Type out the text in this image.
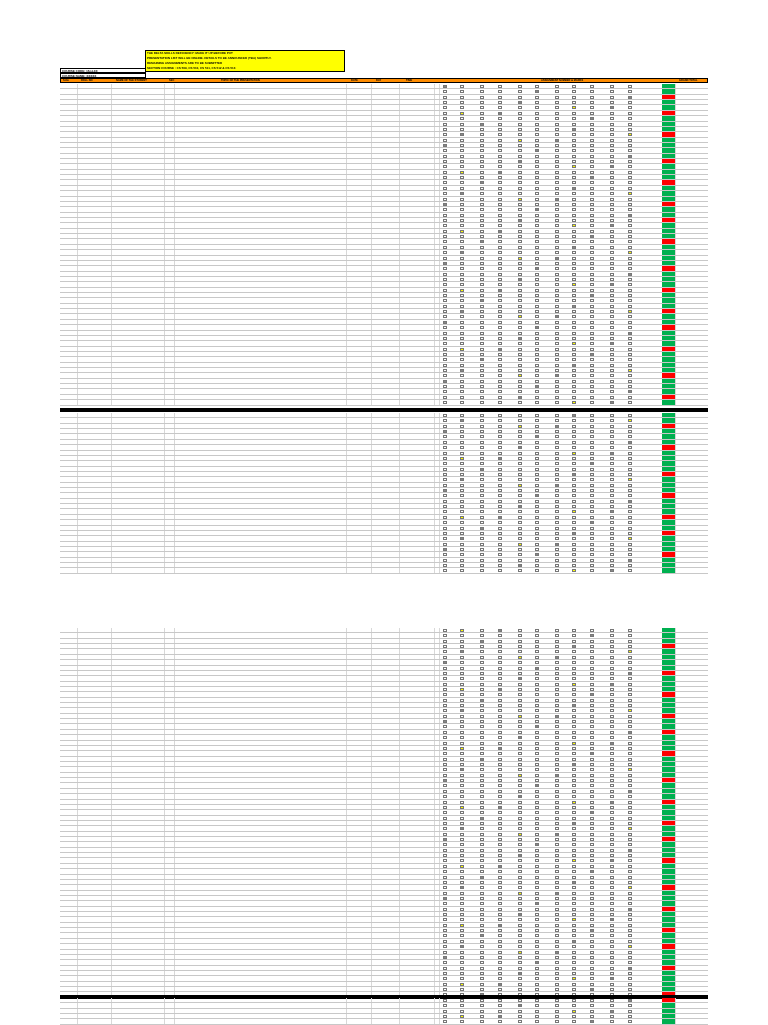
THE DELTA SKILLS DEFICIENCY: MAKE IT UP BEFORE PUT
PRESENTATION LIST WILL BE ONLINE. DETAILS TO BE ANNOUNCED (TBA) SHORTLY.
REMAINING ASSIGNMENTS ARE TO BE SUBMITTED
SECTION COURSE : CS 509, CS 510, CS 511, CS 512 & CS 513
COURSE CODE: 16-H-XX
COURSE NAME: XXXXX
S.No	ROLL NO	NAME OF THE STUDENT	SEC	TOPIC OF THE PRESENTATION	DATE	DAY	TIME	ASSIGNMENT NUMBER & MARKS	GRAND TOTAL
